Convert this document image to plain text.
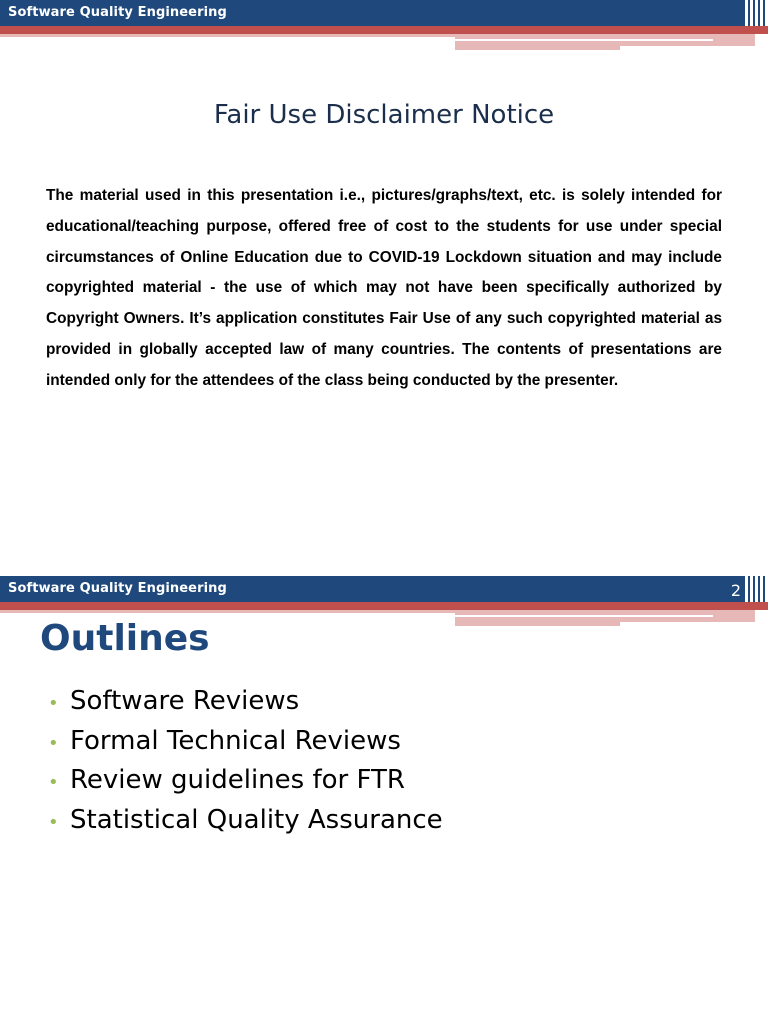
Software Quality Engineering
Fair Use Disclaimer Notice
The material used in this presentation i.e., pictures/graphs/text, etc. is solely intended for educational/teaching purpose, offered free of cost to the students for use under special circumstances of Online Education due to COVID-19 Lockdown situation and may include copyrighted material - the use of which may not have been specifically authorized by Copyright Owners. It’s application constitutes Fair Use of any such copyrighted material as provided in globally accepted law of many countries. The contents of presentations are intended only for the attendees of the class being conducted by the presenter.
Software Quality Engineering	2
Outlines
• Software Reviews
• Formal Technical Reviews
• Review guidelines for FTR
• Statistical Quality Assurance
